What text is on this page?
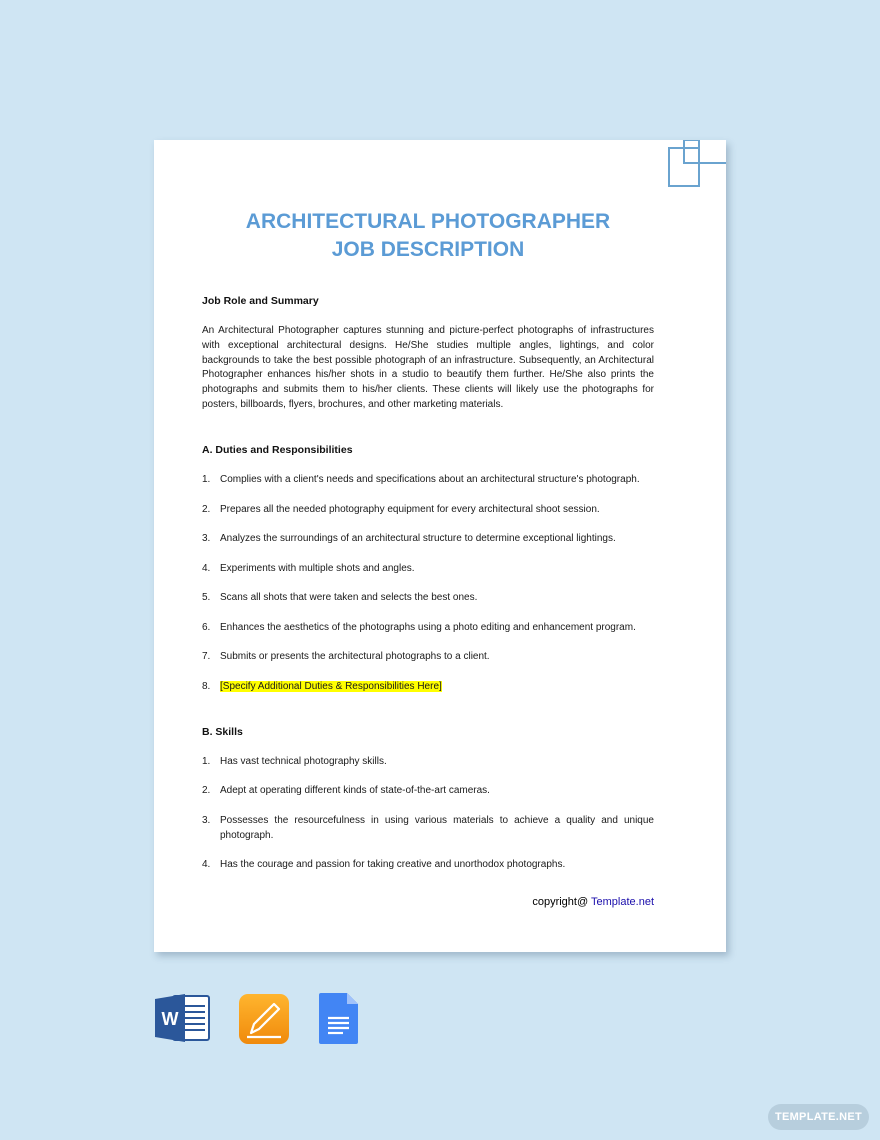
ARCHITECTURAL PHOTOGRAPHER
JOB DESCRIPTION
Job Role and Summary

An Architectural Photographer captures stunning and picture-perfect photographs of infrastructures with exceptional architectural designs. He/She studies multiple angles, lightings, and color backgrounds to take the best possible photograph of an infrastructure. Subsequently, an Architectural Photographer enhances his/her shots in a studio to beautify them further. He/She also prints the photographs and submits them to his/her clients. These clients will likely use the photographs for posters, billboards, flyers, brochures, and other marketing materials.

A. Duties and Responsibilities
1. Complies with a client's needs and specifications about an architectural structure's photograph.
2. Prepares all the needed photography equipment for every architectural shoot session.
3. Analyzes the surroundings of an architectural structure to determine exceptional lightings.
4. Experiments with multiple shots and angles.
5. Scans all shots that were taken and selects the best ones.
6. Enhances the aesthetics of the photographs using a photo editing and enhancement program.
7. Submits or presents the architectural photographs to a client.
8. [Specify Additional Duties & Responsibilities Here]
B. Skills
1. Has vast technical photography skills.
2. Adept at operating different kinds of state-of-the-art cameras.
3. Possesses the resourcefulness in using various materials to achieve a quality and unique photograph.
4. Has the courage and passion for taking creative and unorthodox photographs.
copyright@ Template.net
W
TEMPLATE.NET
